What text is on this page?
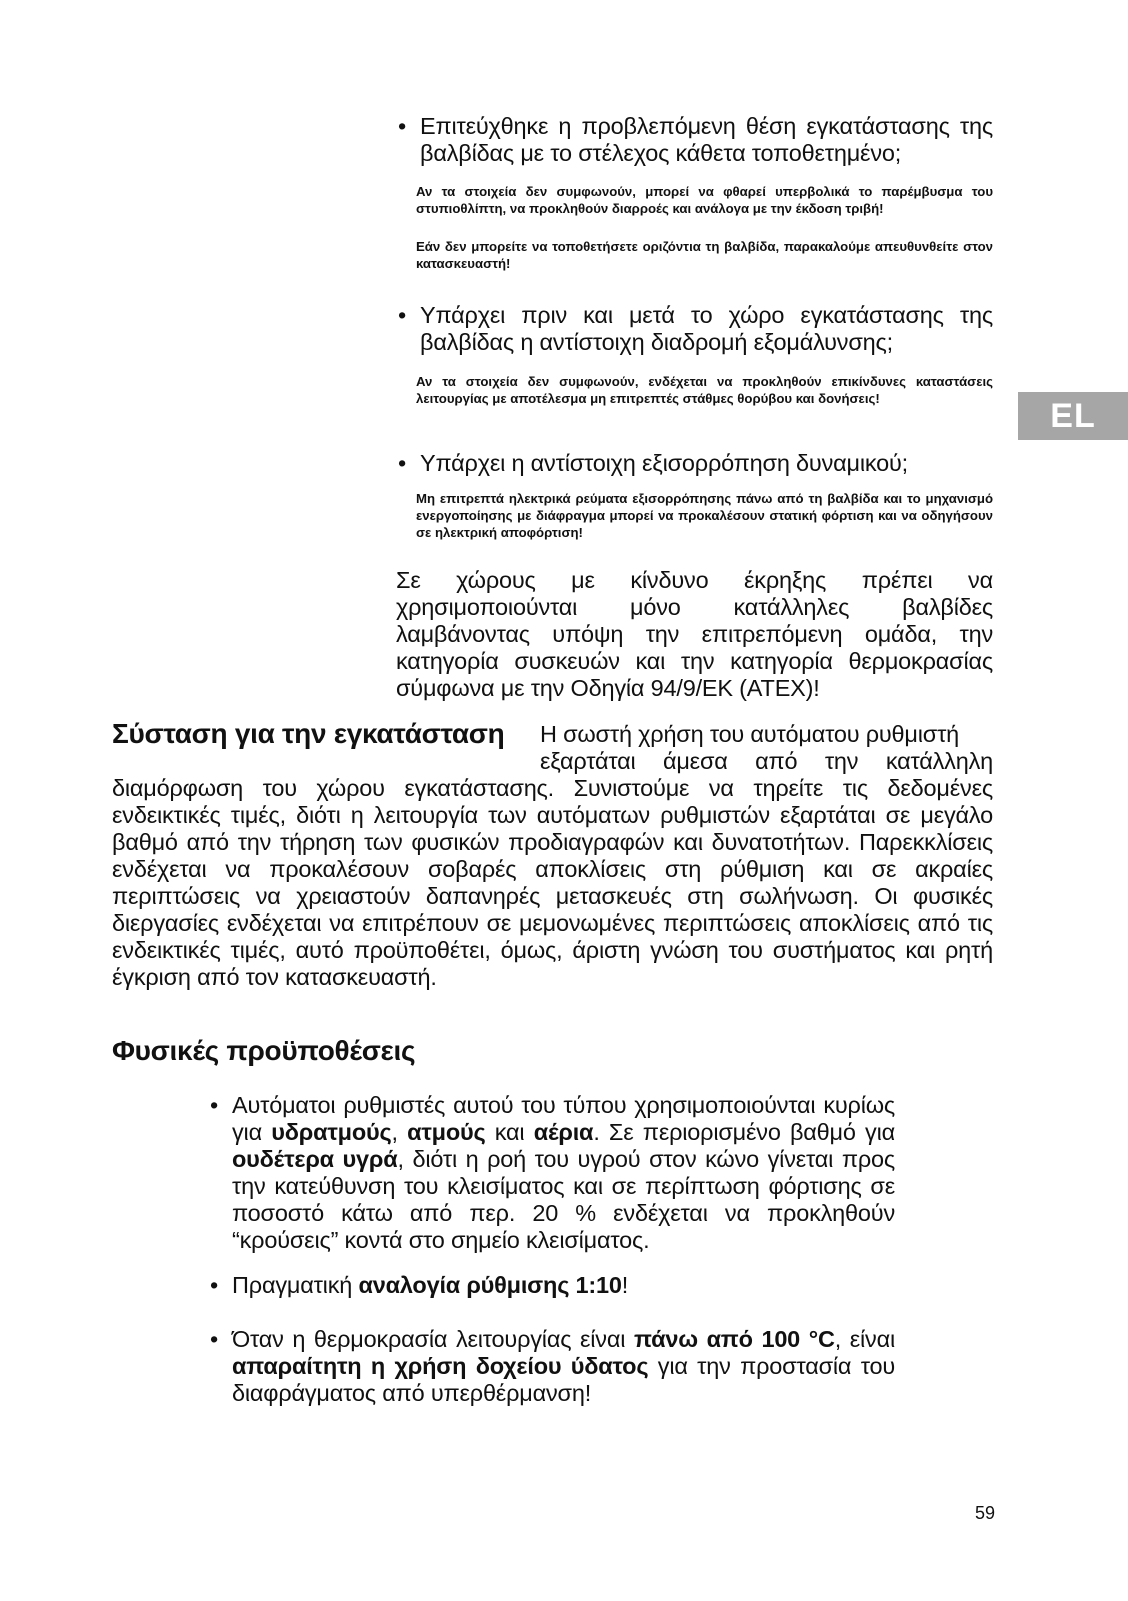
EL
• Επιτεύχθηκε η προβλεπόμενη θέση εγκατάστασης της βαλβίδας με το στέλεχος κάθετα τοποθετημένο;

Αν τα στοιχεία δεν συμφωνούν, μπορεί να φθαρεί υπερβολικά το παρέμβυσμα του στυπιοθλίπτη, να προκληθούν διαρροές και ανάλογα με την έκδοση τριβή!

Εάν δεν μπορείτε να τοποθετήσετε οριζόντια τη βαλβίδα, παρακαλούμε απευθυνθείτε στον κατασκευαστή!

• Υπάρχει πριν και μετά το χώρο εγκατάστασης της βαλβίδας η αντίστοιχη διαδρομή εξομάλυνσης;

Αν τα στοιχεία δεν συμφωνούν, ενδέχεται να προκληθούν επικίνδυνες καταστάσεις λειτουργίας με αποτέλεσμα μη επιτρεπτές στάθμες θορύβου και δονήσεις!

• Υπάρχει η αντίστοιχη εξισορρόπηση δυναμικού;

Μη επιτρεπτά ηλεκτρικά ρεύματα εξισορρόπησης πάνω από τη βαλβίδα και το μηχανισμό ενεργοποίησης με διάφραγμα μπορεί να προκαλέσουν στατική φόρτιση και να οδηγήσουν σε ηλεκτρική αποφόρτιση!

Σε χώρους με κίνδυνο έκρηξης πρέπει να χρησιμοποιούνται μόνο κατάλληλες βαλβίδες λαμβάνοντας υπόψη την επιτρεπόμενη ομάδα, την κατηγορία συσκευών και την κατηγορία θερμοκρασίας σύμφωνα με την Οδηγία 94/9/ΕΚ (ATEX)!

Σύσταση για την εγκατάσταση Η σωστή χρήση του αυτόματου ρυθμιστή

εξαρτάται άμεσα από την κατάλληλη

διαμόρφωση του χώρου εγκατάστασης. Συνιστούμε να τηρείτε τις δεδομένες ενδεικτικές τιμές, διότι η λειτουργία των αυτόματων ρυθμιστών εξαρτάται σε μεγάλο βαθμό από την τήρηση των φυσικών προδιαγραφών και δυνατοτήτων. Παρεκκλίσεις ενδέχεται να προκαλέσουν σοβαρές αποκλίσεις στη ρύθμιση και σε ακραίες περιπτώσεις να χρειαστούν δαπανηρές μετασκευές στη σωλήνωση. Οι φυσικές διεργασίες ενδέχεται να επιτρέπουν σε μεμονωμένες περιπτώσεις αποκλίσεις από τις ενδεικτικές τιμές, αυτό προϋποθέτει, όμως, άριστη γνώση του συστήματος και ρητή έγκριση από τον κατασκευαστή.

Φυσικές προϋποθέσεις
• Αυτόματοι ρυθμιστές αυτού του τύπου χρησιμοποιούνται κυρίως για υδρατμούς, ατμούς και αέρια. Σε περιορισμένο βαθμό για ουδέτερα υγρά, διότι η ροή του υγρού στον κώνο γίνεται προς την κατεύθυνση του κλεισίματος και σε περίπτωση φόρτισης σε ποσοστό κάτω από περ. 20 % ενδέχεται να προκληθούν “κρούσεις” κοντά στο σημείο κλεισίματος.

• Πραγματική αναλογία ρύθμισης 1:10!

• Όταν η θερμοκρασία λειτουργίας είναι πάνω από 100 °C, είναι απαραίτητη η χρήση δοχείου ύδατος για την προστασία του διαφράγματος από υπερθέρμανση!

59
